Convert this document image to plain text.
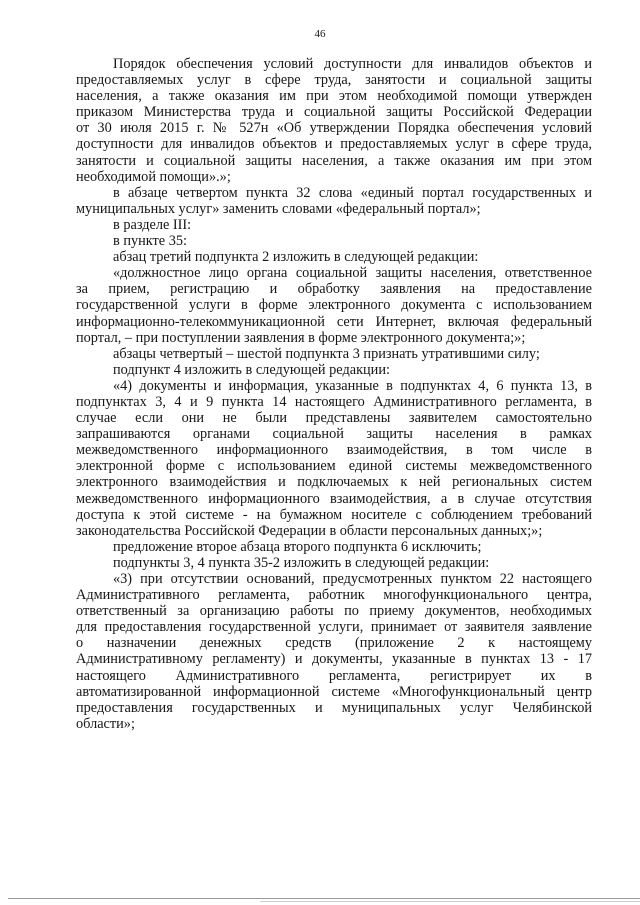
46
Порядок обеспечения условий доступности для инвалидов объектов и
предоставляемых услуг в сфере труда, занятости и социальной защиты
населения, а также оказания им при этом необходимой помощи утвержден
приказом Министерства труда и социальной защиты Российской Федерации
от 30 июля 2015 г. № 527н «Об утверждении Порядка обеспечения условий
доступности для инвалидов объектов и предоставляемых услуг в сфере труда,
занятости и социальной защиты населения, а также оказания им при этом
необходимой помощи».»;
в абзаце четвертом пункта 32 слова «единый портал государственных и
муниципальных услуг» заменить словами «федеральный портал»;
в разделе III:
в пункте 35:
абзац третий подпункта 2 изложить в следующей редакции:
«должностное лицо органа социальной защиты населения, ответственное
за прием, регистрацию и обработку заявления на предоставление
государственной услуги в форме электронного документа с использованием
информационно-телекоммуникационной сети Интернет, включая федеральный
портал, – при поступлении заявления в форме электронного документа;»;
абзацы четвертый – шестой подпункта 3 признать утратившими силу;
подпункт 4 изложить в следующей редакции:
«4) документы и информация, указанные в подпунктах 4, 6 пункта 13, в
подпунктах 3, 4 и 9 пункта 14 настоящего Административного регламента, в
случае если они не были представлены заявителем самостоятельно
запрашиваются органами социальной защиты населения в рамках
межведомственного информационного взаимодействия, в том числе в
электронной форме с использованием единой системы межведомственного
электронного взаимодействия и подключаемых к ней региональных систем
межведомственного информационного взаимодействия, а в случае отсутствия
доступа к этой системе - на бумажном носителе с соблюдением требований
законодательства Российской Федерации в области персональных данных;»;
предложение второе абзаца второго подпункта 6 исключить;
подпункты 3, 4 пункта 35-2 изложить в следующей редакции:
«3) при отсутствии оснований, предусмотренных пунктом 22 настоящего
Административного регламента, работник многофункционального центра,
ответственный за организацию работы по приему документов, необходимых
для предоставления государственной услуги, принимает от заявителя заявление
о назначении денежных средств (приложение 2 к настоящему
Административному регламенту) и документы, указанные в пунктах 13 - 17
настоящего Административного регламента, регистрирует их в
автоматизированной информационной системе «Многофункциональный центр
предоставления государственных и муниципальных услуг Челябинской
области»;
